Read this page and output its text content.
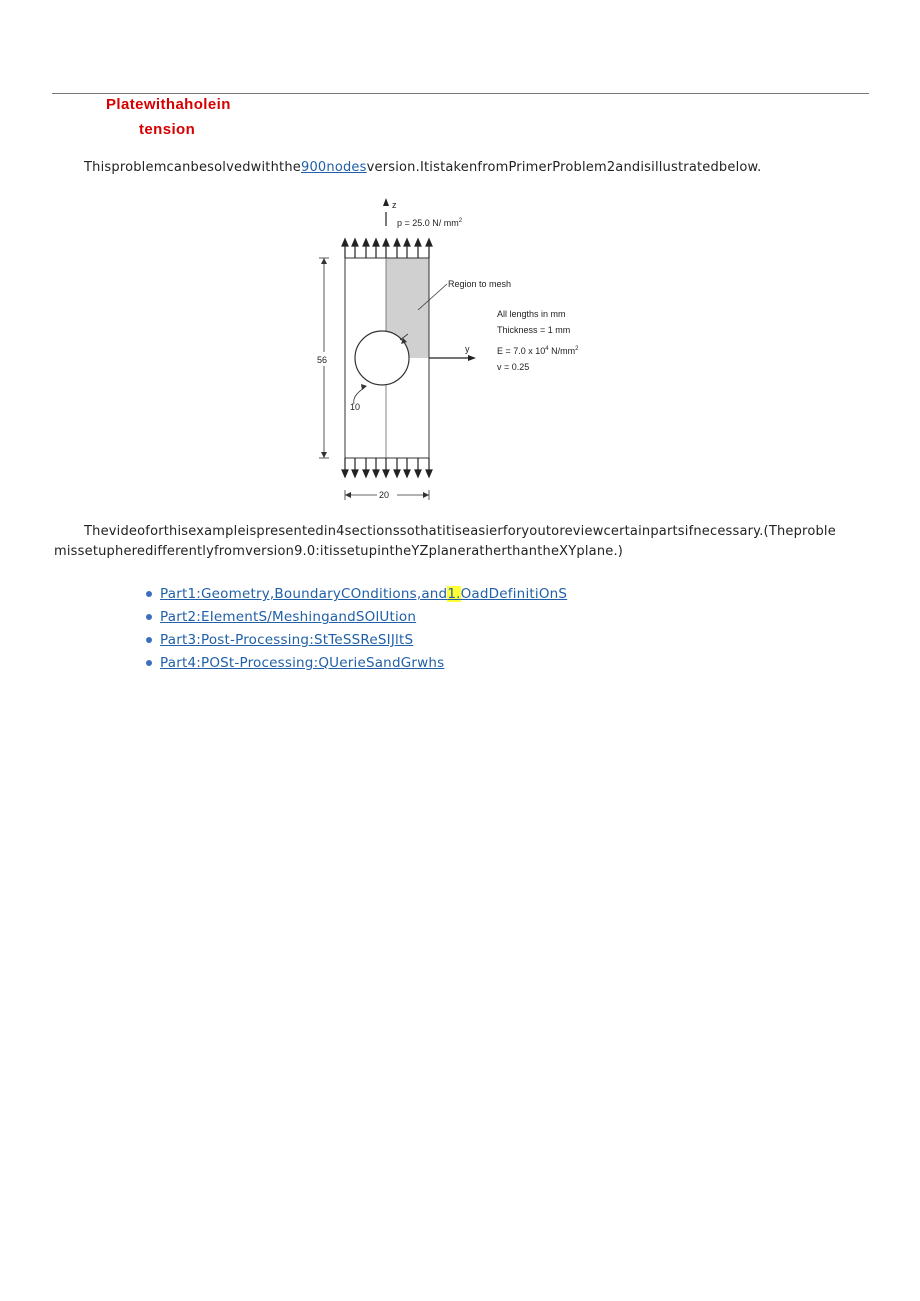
Platewithaholein
tension
Thisproblemcanbesolvedwiththe900nodesversion.ItistakenfromPrimerProblem2andisillustratedbelow.
z
p = 25.0 N/ $mm^2$
y
Region to mesh
All lengths in mm
Thickness = 1 mm
E = 7.0 x $10^4$ $N/mm^2$
v = 0.25
10
56
20
Thevideoforthisexampleispresentedin4sectionssothatitiseasierforyoutoreviewcertainpartsifnecessary.(Theproble
missetupheredifferentlyfromversion9.0:itissetupintheYZplaneratherthantheXYplane.)
Part1:Geometry,BoundaryCOnditions,and1.OadDefinitiOnS
Part2:EIementS/MeshingandSOlUtion
Part3:Post-Processing:StTeSSReSIJltS
Part4:POSt-Processing:QUerieSandGrwhs
